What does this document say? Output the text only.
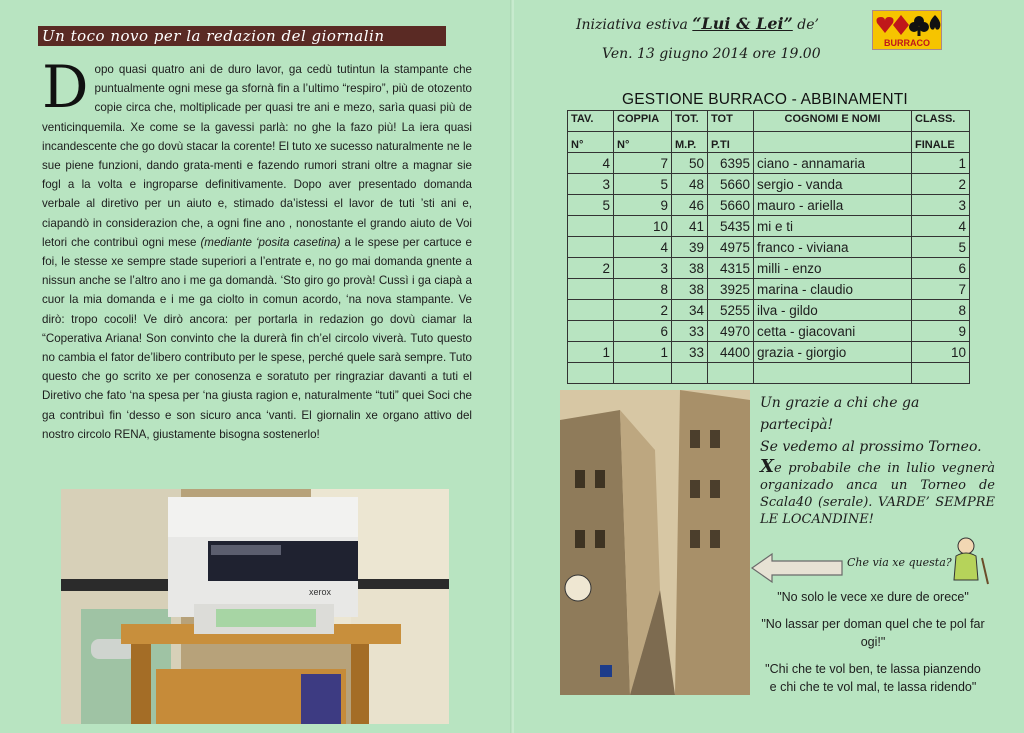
Un toco novo per la redazion del giornalin
D opo quasi quatro ani de duro lavor, ga cedù tutintun la stampante che puntualmente ogni mese ga sfornà fin a l’ultimo “respiro”, più de otozento copie circa che, moltiplicade per quasi tre ani e mezo, sarìa quasi più de venticinquemila. Xe come se la gavessi parlà: no ghe la fazo più! La iera quasi incandescente che go dovù stacar la corente! El tuto xe sucesso naturalmente ne le sue piene funzioni, dando grata-menti e fazendo rumori strani oltre a magnar sie fogl a la volta e ingroparse definitivamente. Dopo aver presentado domanda verbale al diretivo per un aiuto e, stimado da’istessi el lavor de tuti ’sti ani e, ciapandò in considerazion che, a ogni fine ano , nonostante el grando aiuto de Voi letori che contribuì ogni mese (mediante ‘posita casetina) a le spese per cartuce e foi, le stesse xe sempre stade superiori a l’entrate e, no go mai domanda gnente a nissun anche se l’altro ano i me ga domandà. ‘Sto giro go provà! Cussì i ga ciapà a cuor la mia domanda e i me ga ciolto in comun acordo, ‘na nova stampante. Ve dirò: tropo cocoli! Ve dirò ancora: per portarla in redazion go dovù ciamar la “Coperativa Ariana! Son convinto che la durerà fin ch’el circolo viverà. Tuto questo no cambia el fator de’libero contributo per le spese, perché quele sarà sempre. Tuto questo che go scrito xe per conosenza e soratuto per ringraziar davanti a tuti el Diretivo che fato ‘na spesa per ‘na giusta ragion e, naturalmente “tuti” quei Soci che ga contribuì fin ‘desso e son sicuro anca ‘vanti. El giornalin xe organo attivo del nostro circolo RENA, giustamente bisogna sostenerlo!

xerox
Iniziativa estiva “Lui & Lei” de’
BURRACO
Ven. 13 giugno 2014 ore 19.00
GESTIONE BURRACO - ABBINAMENTI
TAV.	COPPIA	TOT.	TOT	COGNOMI E NOMI	CLASS.
N°	N°	M.P.	P.TI		FINALE
4	7	50	6395	ciano - annamaria	1
3	5	48	5660	sergio - vanda	2
5	9	46	5660	mauro - ariella	3
	10	41	5435	mi e ti	4
	4	39	4975	franco - viviana	5
2	3	38	4315	milli - enzo	6
	8	38	3925	marina - claudio	7
	2	34	5255	ilva - gildo	8
	6	33	4970	cetta - giacovani	9
1	1	33	4400	grazia - giorgio	10

Un grazie a chi che ga partecipà!
Se vedemo al prossimo Torneo.
Xe probabile che in lulio vegnerà organizado anca un Torneo de Scala40 (serale). VARDE’ SEMPRE LE LOCANDINE!
Che via xe questa?

"No solo le vece xe dure de orece"

"No lassar per doman quel che te pol far ogi!"

"Chi che te vol ben, te lassa pianzendo e chi che te vol mal, te lassa ridendo"
